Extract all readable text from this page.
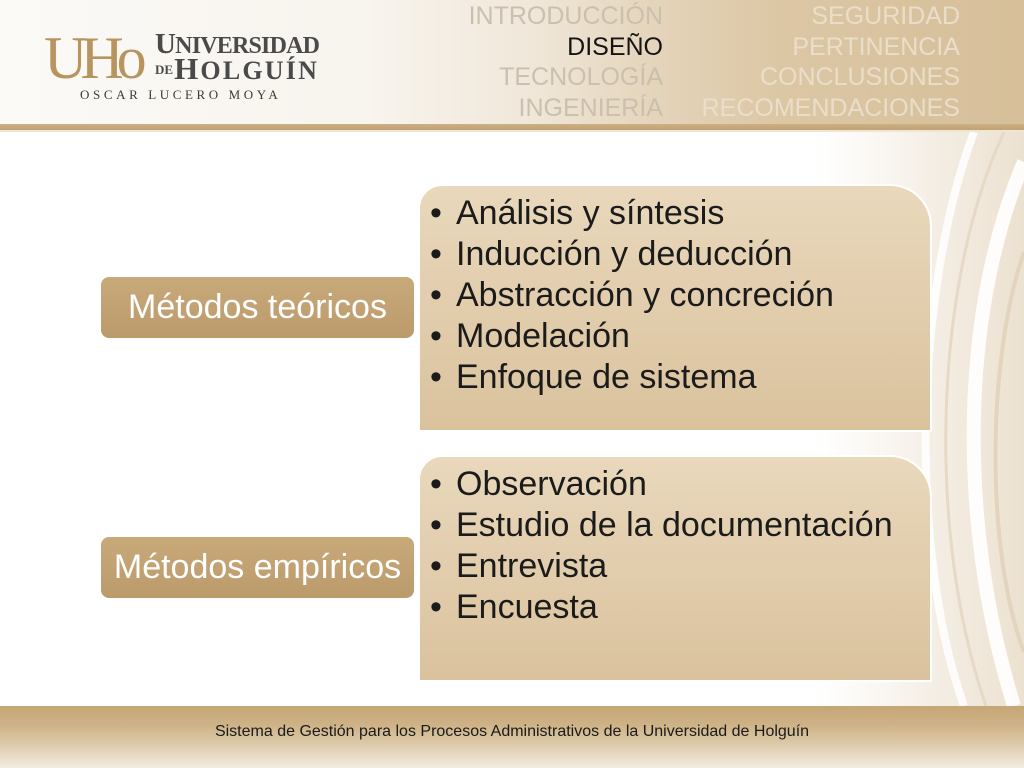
UHo UNIVERSIDAD
$^{DE}$HOLGUÍN
OSCAR LUCERO MOYA
INTRODUCCIÓN
DISEÑO
TECNOLOGÍA
INGENIERÍA
SEGURIDAD
PERTINENCIA
CONCLUSIONES
RECOMENDACIONES
Métodos teóricos
• Análisis y síntesis
• Inducción y deducción
• Abstracción y concreción
• Modelación
• Enfoque de sistema
Métodos empíricos
• Observación
• Estudio de la documentación
• Entrevista
• Encuesta
Sistema de Gestión para los Procesos Administrativos de la Universidad de Holguín
